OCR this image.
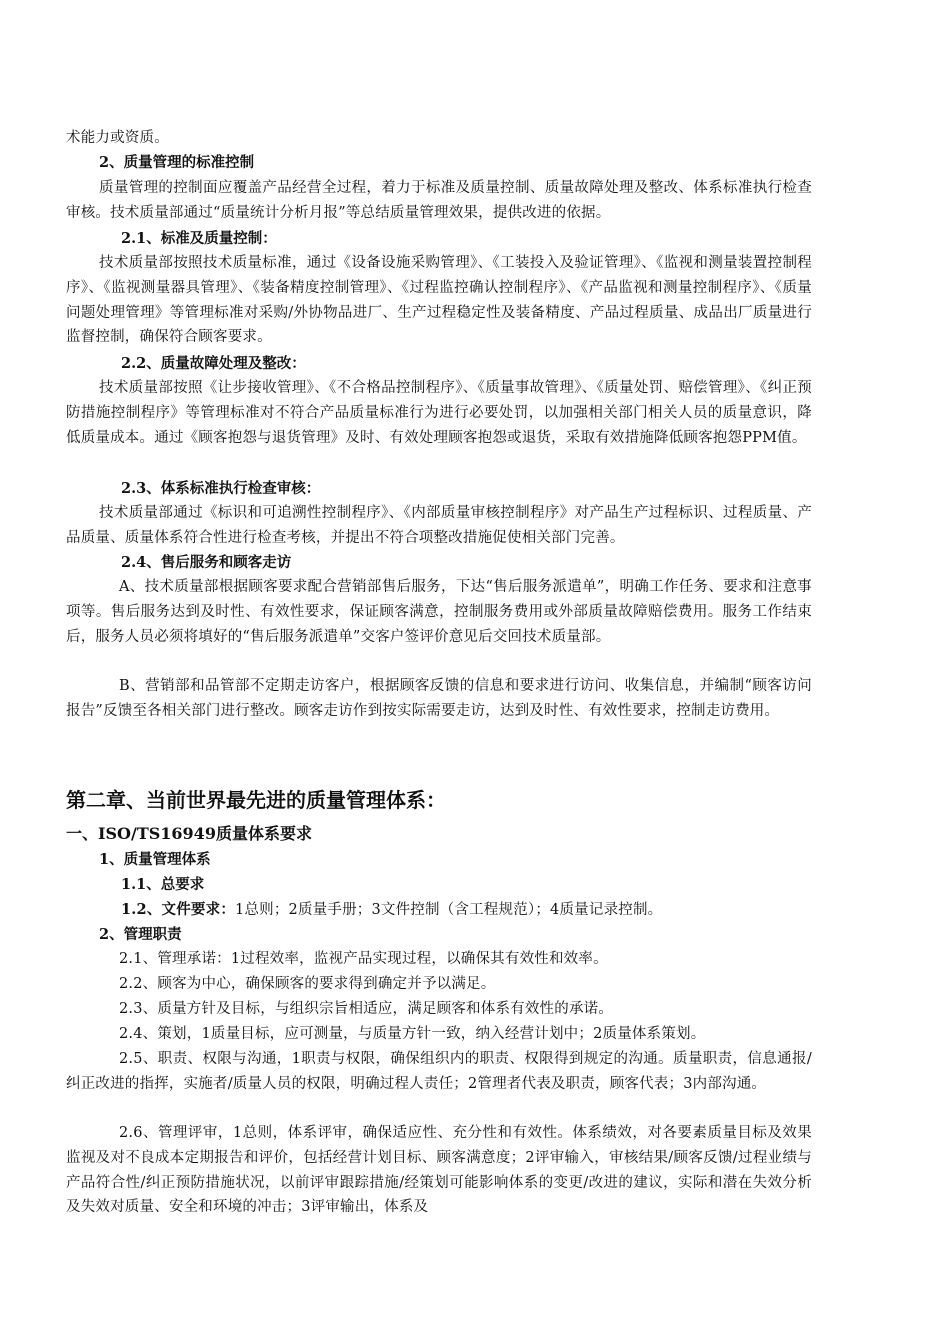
术能力或资质。

2、质量管理的标准控制

质量管理的控制面应覆盖产品经营全过程，着力于标准及质量控制、质量故障处理及整改、体系标准执行检查审核。技术质量部通过“质量统计分析月报”等总结质量管理效果，提供改进的依据。

2.1、标准及质量控制：

技术质量部按照技术质量标准，通过《设备设施采购管理》、《工装投入及验证管理》、《监视和测量装置控制程序》、《监视测量器具管理》、《装备精度控制管理》、《过程监控确认控制程序》、《产品监视和测量控制程序》、《质量问题处理管理》等管理标准对采购/外协物品进厂、生产过程稳定性及装备精度、产品过程质量、成品出厂质量进行监督控制，确保符合顾客要求。

2.2、质量故障处理及整改：

技术质量部按照《让步接收管理》、《不合格品控制程序》、《质量事故管理》、《质量处罚、赔偿管理》、《纠正预防措施控制程序》等管理标准对不符合产品质量标准行为进行必要处罚，以加强相关部门相关人员的质量意识，降低质量成本。通过《顾客抱怨与退货管理》及时、有效处理顾客抱怨或退货，采取有效措施降低顾客抱怨PPM值。

2.3、体系标准执行检查审核：

技术质量部通过《标识和可追溯性控制程序》、《内部质量审核控制程序》对产品生产过程标识、过程质量、产品质量、质量体系符合性进行检查考核，并提出不符合项整改措施促使相关部门完善。

2.4、售后服务和顾客走访

A、技术质量部根据顾客要求配合营销部售后服务，下达“售后服务派遣单”，明确工作任务、要求和注意事项等。售后服务达到及时性、有效性要求，保证顾客满意，控制服务费用或外部质量故障赔偿费用。服务工作结束后，服务人员必须将填好的“售后服务派遣单”交客户签评价意见后交回技术质量部。

B、营销部和品管部不定期走访客户，根据顾客反馈的信息和要求进行访问、收集信息，并编制“顾客访问报告”反馈至各相关部门进行整改。顾客走访作到按实际需要走访，达到及时性、有效性要求，控制走访费用。

第二章、当前世界最先进的质量管理体系：

一、ISO/TS16949质量体系要求

1、质量管理体系

1.1、总要求

1.2、文件要求：1总则；2质量手册；3文件控制（含工程规范）；4质量记录控制。

2、管理职责

2.1、管理承诺：1过程效率，监视产品实现过程，以确保其有效性和效率。

2.2、顾客为中心，确保顾客的要求得到确定并予以满足。

2.3、质量方针及目标，与组织宗旨相适应，满足顾客和体系有效性的承诺。

2.4、策划，1质量目标，应可测量，与质量方针一致，纳入经营计划中；2质量体系策划。

2.5、职责、权限与沟通，1职责与权限，确保组织内的职责、权限得到规定的沟通。质量职责，信息通报/纠正改进的指挥，实施者/质量人员的权限，明确过程人责任；2管理者代表及职责，顾客代表；3内部沟通。

2.6、管理评审，1总则，体系评审，确保适应性、充分性和有效性。体系绩效，对各要素质量目标及效果监视及对不良成本定期报告和评价，包括经营计划目标、顾客满意度；2评审输入，审核结果/顾客反馈/过程业绩与产品符合性/纠正预防措施状况，以前评审跟踪措施/经策划可能影响体系的变更/改进的建议，实际和潜在失效分析及失效对质量、安全和环境的冲击；3评审输出，体系及
